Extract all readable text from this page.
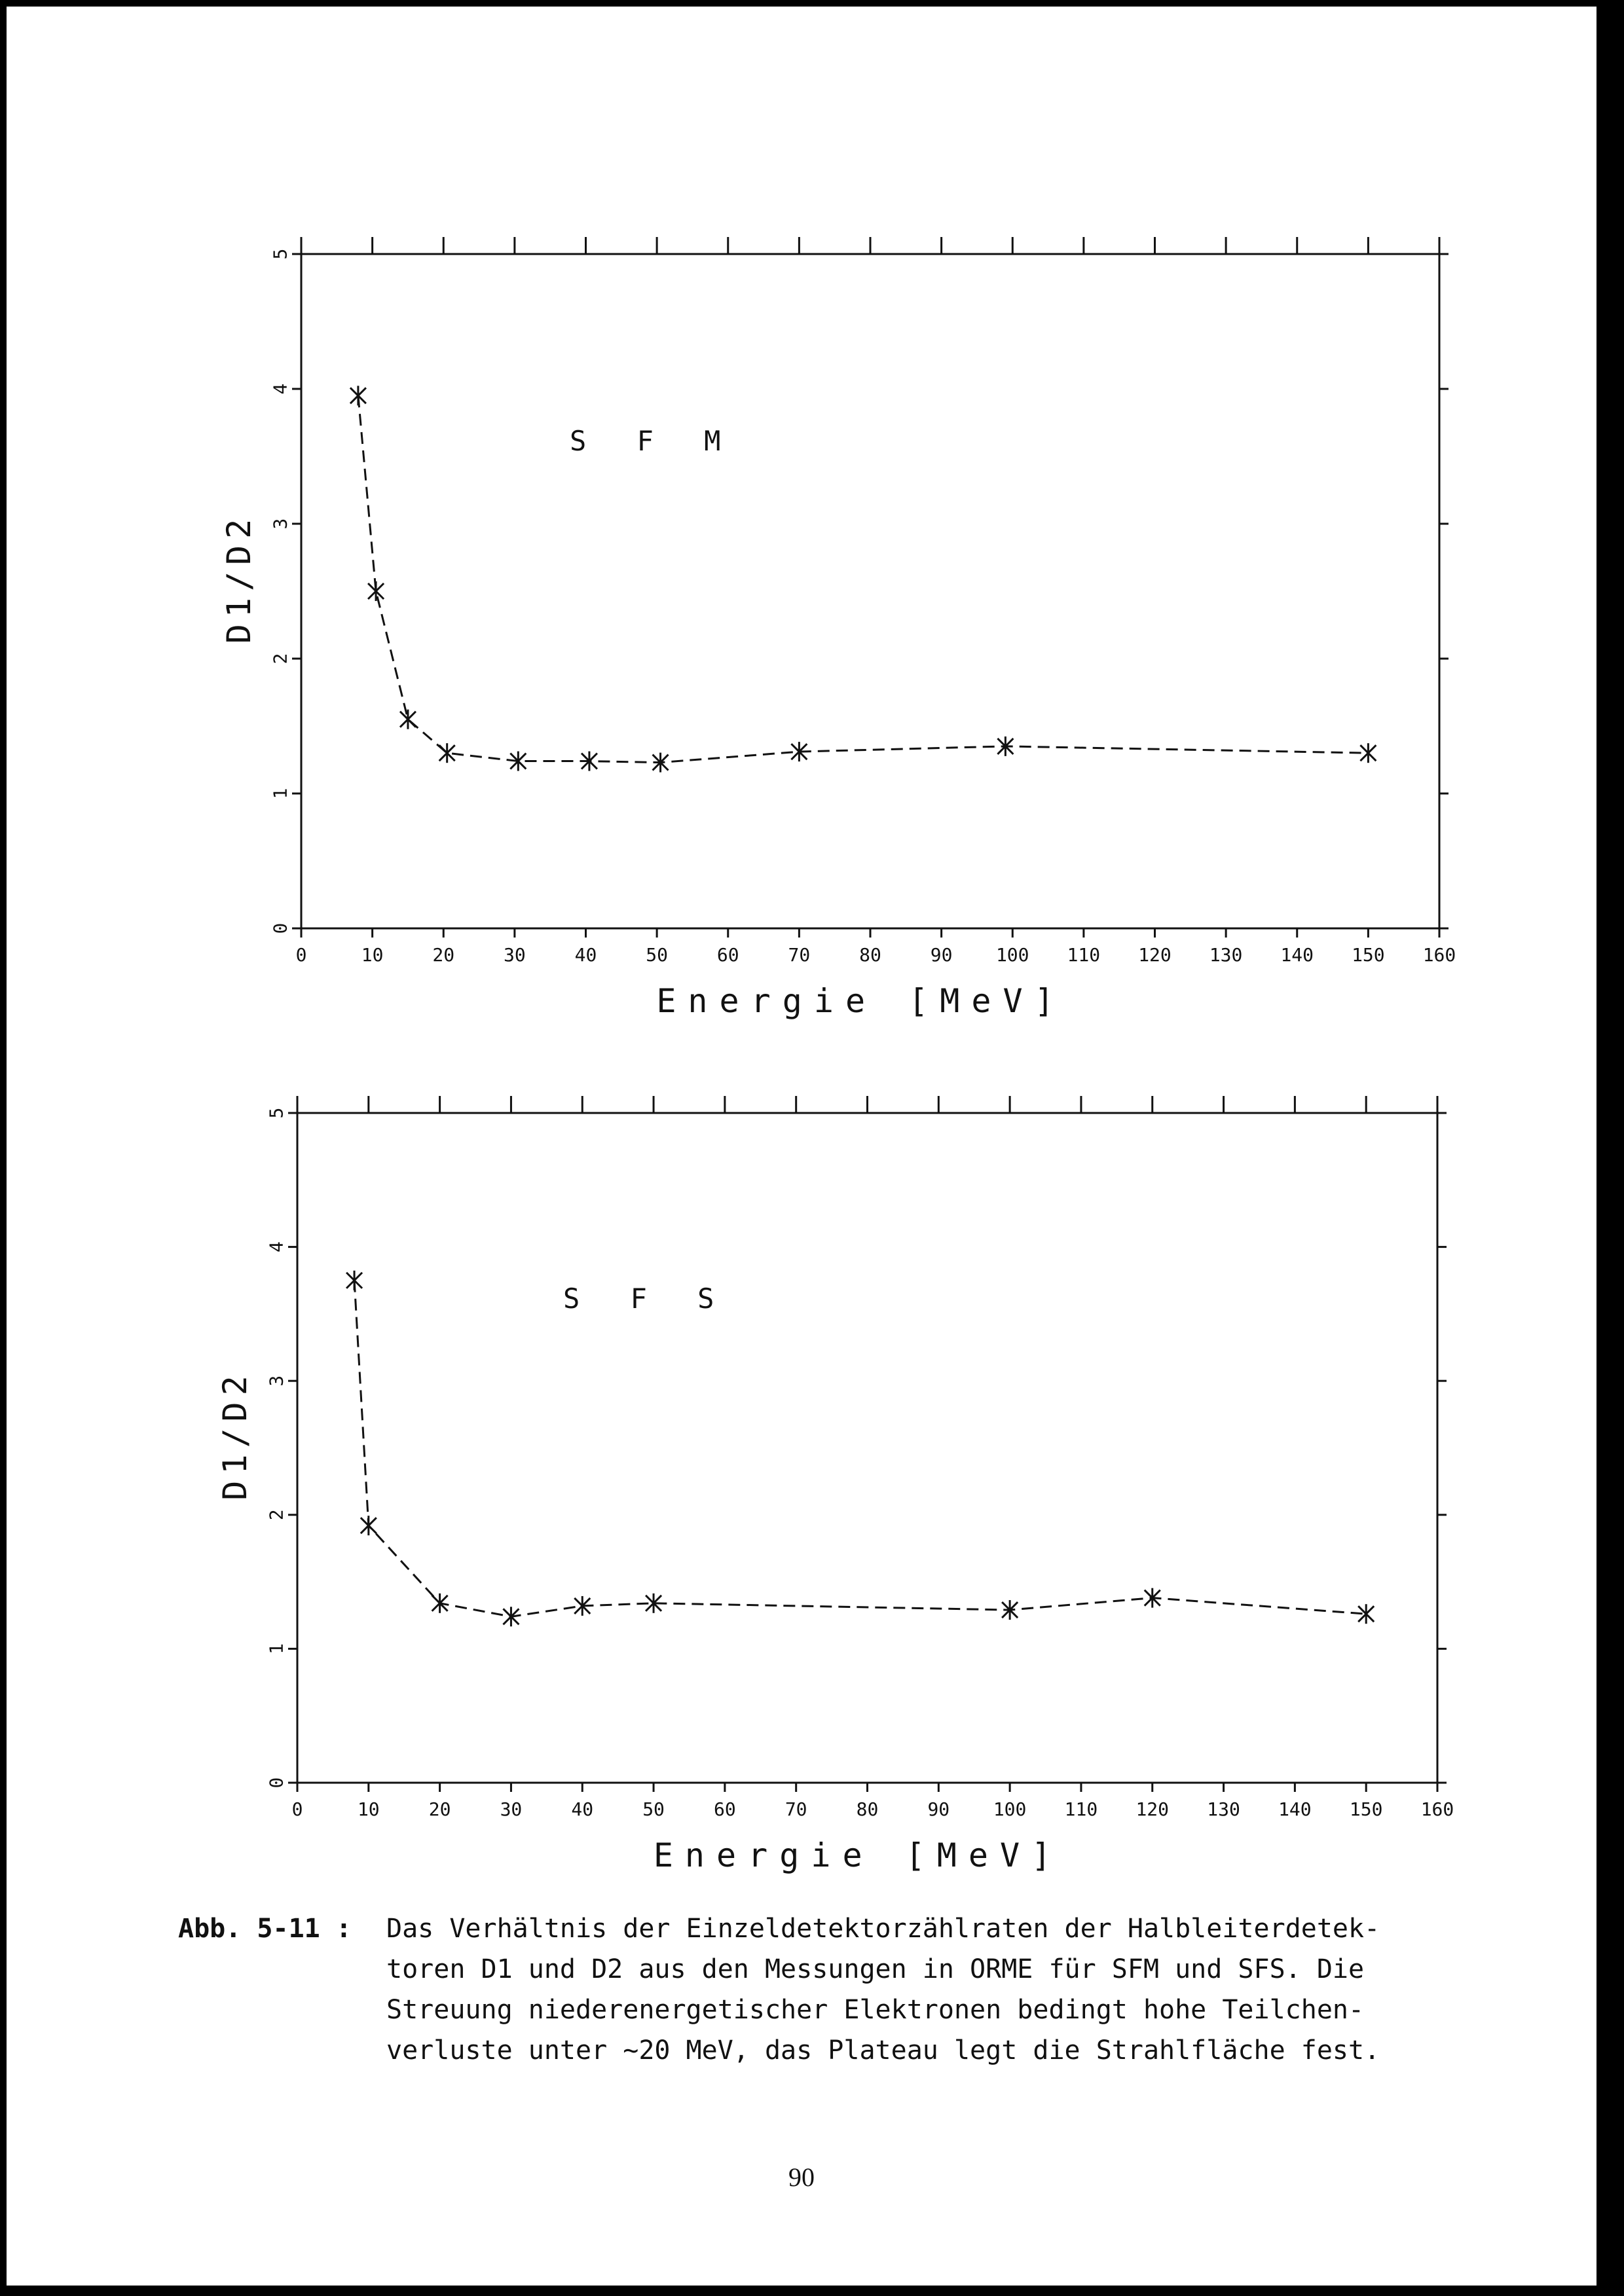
0	10	20	30	40	50	60	70	80	90 100 110 120 130 140 150 160
0
1
2
3
4
5
Energie [MeV]
D1/D2
S F M
0	10	20	30	40	50	60	70	80	90 100 110 120 130 140 150 160
0
1
2
3
4
5
Energie [MeV]
D1/D2
S F S
Abb. 5-11 : Das Verhältnis der Einzeldetektorzählraten der Halbleiterdetek-
toren D1 und D2 aus den Messungen in ORME für SFM und SFS. Die
Streuung niederenergetischer Elektronen bedingt hohe Teilchen-
verluste unter ~20 MeV, das Plateau legt die Strahlfläche fest.
90
